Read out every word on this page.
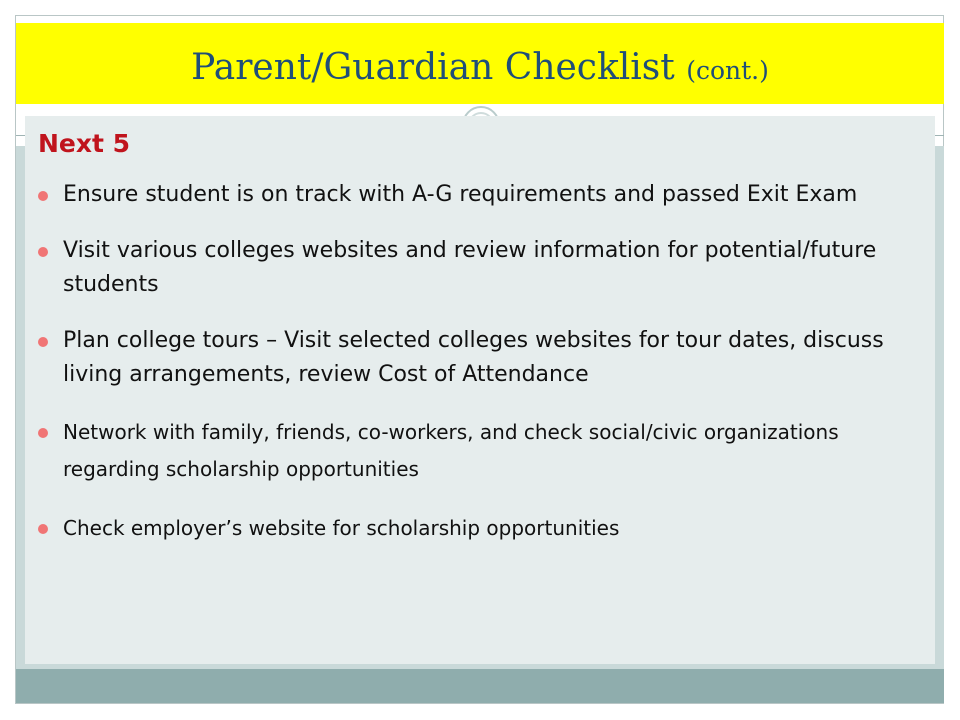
Parent/Guardian Checklist (cont.)
Next 5
Ensure student is on track with A-G requirements and passed Exit Exam
Visit various colleges websites and review information for potential/future students
Plan college tours – Visit selected colleges websites for tour dates, discuss living arrangements, review Cost of Attendance
Network with family, friends, co-workers, and check social/civic organizations regarding scholarship opportunities
Check employer’s website for scholarship opportunities
